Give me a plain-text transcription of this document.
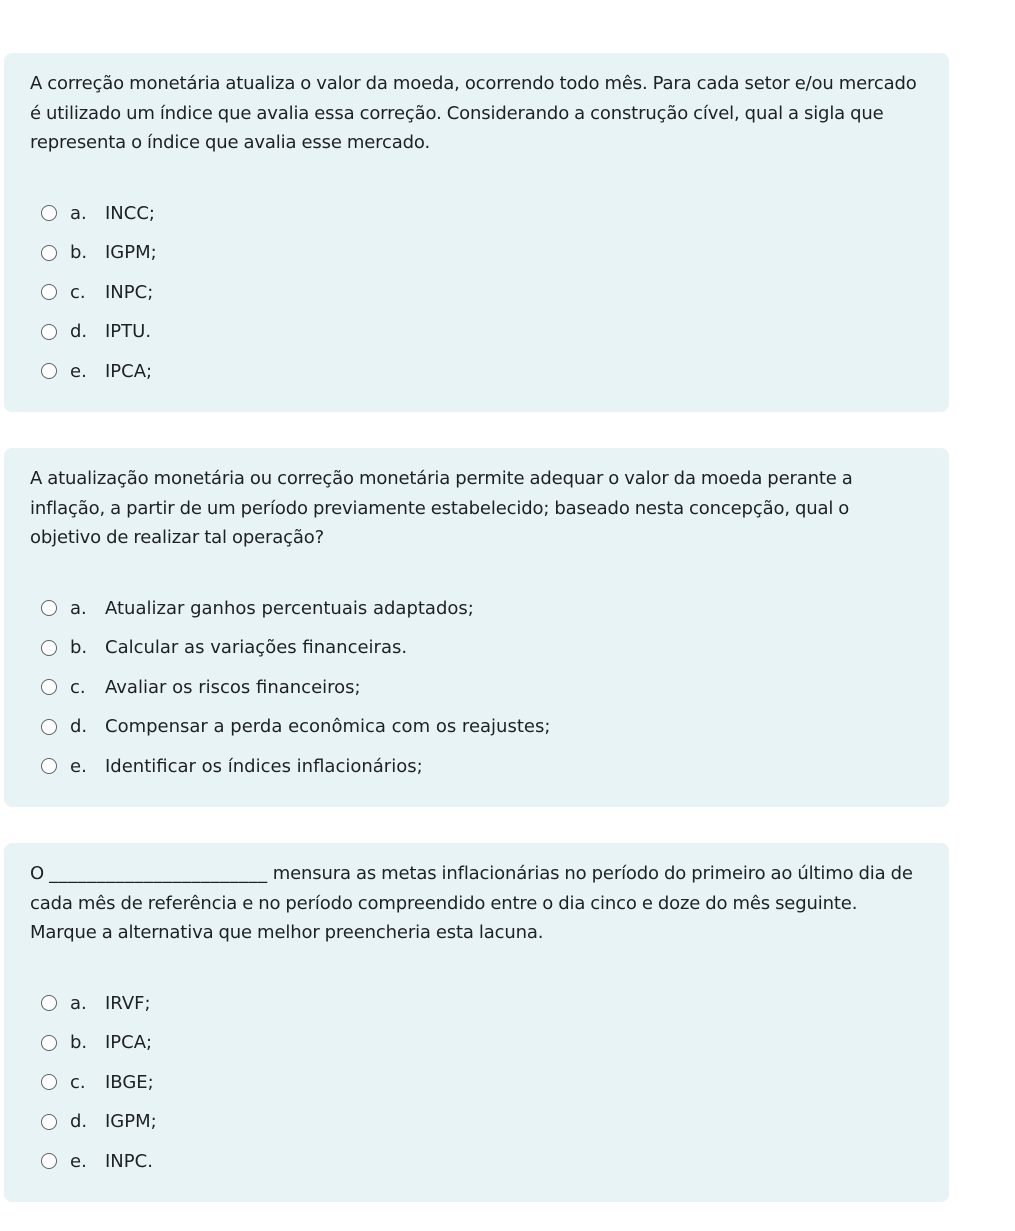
A correção monetária atualiza o valor da moeda, ocorrendo todo mês. Para cada setor e/ou mercado é utilizado um índice que avalia essa correção. Considerando a construção cível, qual a sigla que representa o índice que avalia esse mercado.

a.	INCC;
b. IGPM;
c.	INPC;
d. IPTU.
e.	IPCA;

A atualização monetária ou correção monetária permite adequar o valor da moeda perante a inflação, a partir de um período previamente estabelecido; baseado nesta concepção, qual o objetivo de realizar tal operação?

a.	Atualizar ganhos percentuais adaptados;
b. Calcular as variações financeiras.
c.	Avaliar os riscos financeiros;
d. Compensar a perda econômica com os reajustes;
e.	Identificar os índices inflacionários;

O _______________________ mensura as metas inflacionárias no período do primeiro ao último dia de cada mês de referência e no período compreendido entre o dia cinco e doze do mês seguinte. Marque a alternativa que melhor preencheria esta lacuna.

a.	IRVF;
b. IPCA;
c.	IBGE;
d. IGPM;
e.	INPC.
